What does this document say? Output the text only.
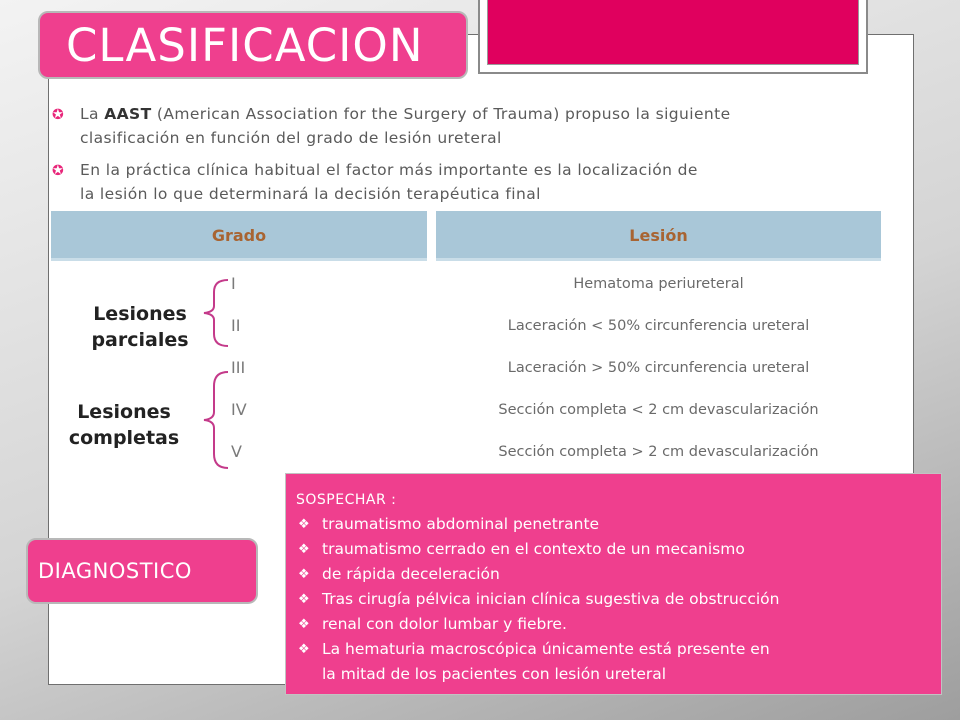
CLASIFICACION
✪ La AAST (American Association for the Surgery of Trauma) propuso la siguiente
clasificación en función del grado de lesión ureteral
✪ En la práctica clínica habitual el factor más importante es la localización de
la lesión lo que determinará la decisión terapéutica final
Grado	Lesión
I	Hematoma periureteral
II	Laceración < 50% circunferencia ureteral
III	Laceración > 50% circunferencia ureteral
IV	Sección completa < 2 cm devascularización
V	Sección completa > 2 cm devascularización
Lesiones
parciales
Lesiones
completas
DIAGNOSTICO
SOSPECHAR :
❖ traumatismo abdominal penetrante
❖ traumatismo cerrado en el contexto de un mecanismo
❖ de rápida deceleración
❖ Tras cirugía pélvica inician clínica sugestiva de obstrucción
❖ renal con dolor lumbar y fiebre.
❖ La hematuria macroscópica únicamente está presente en
la mitad de los pacientes con lesión ureteral
